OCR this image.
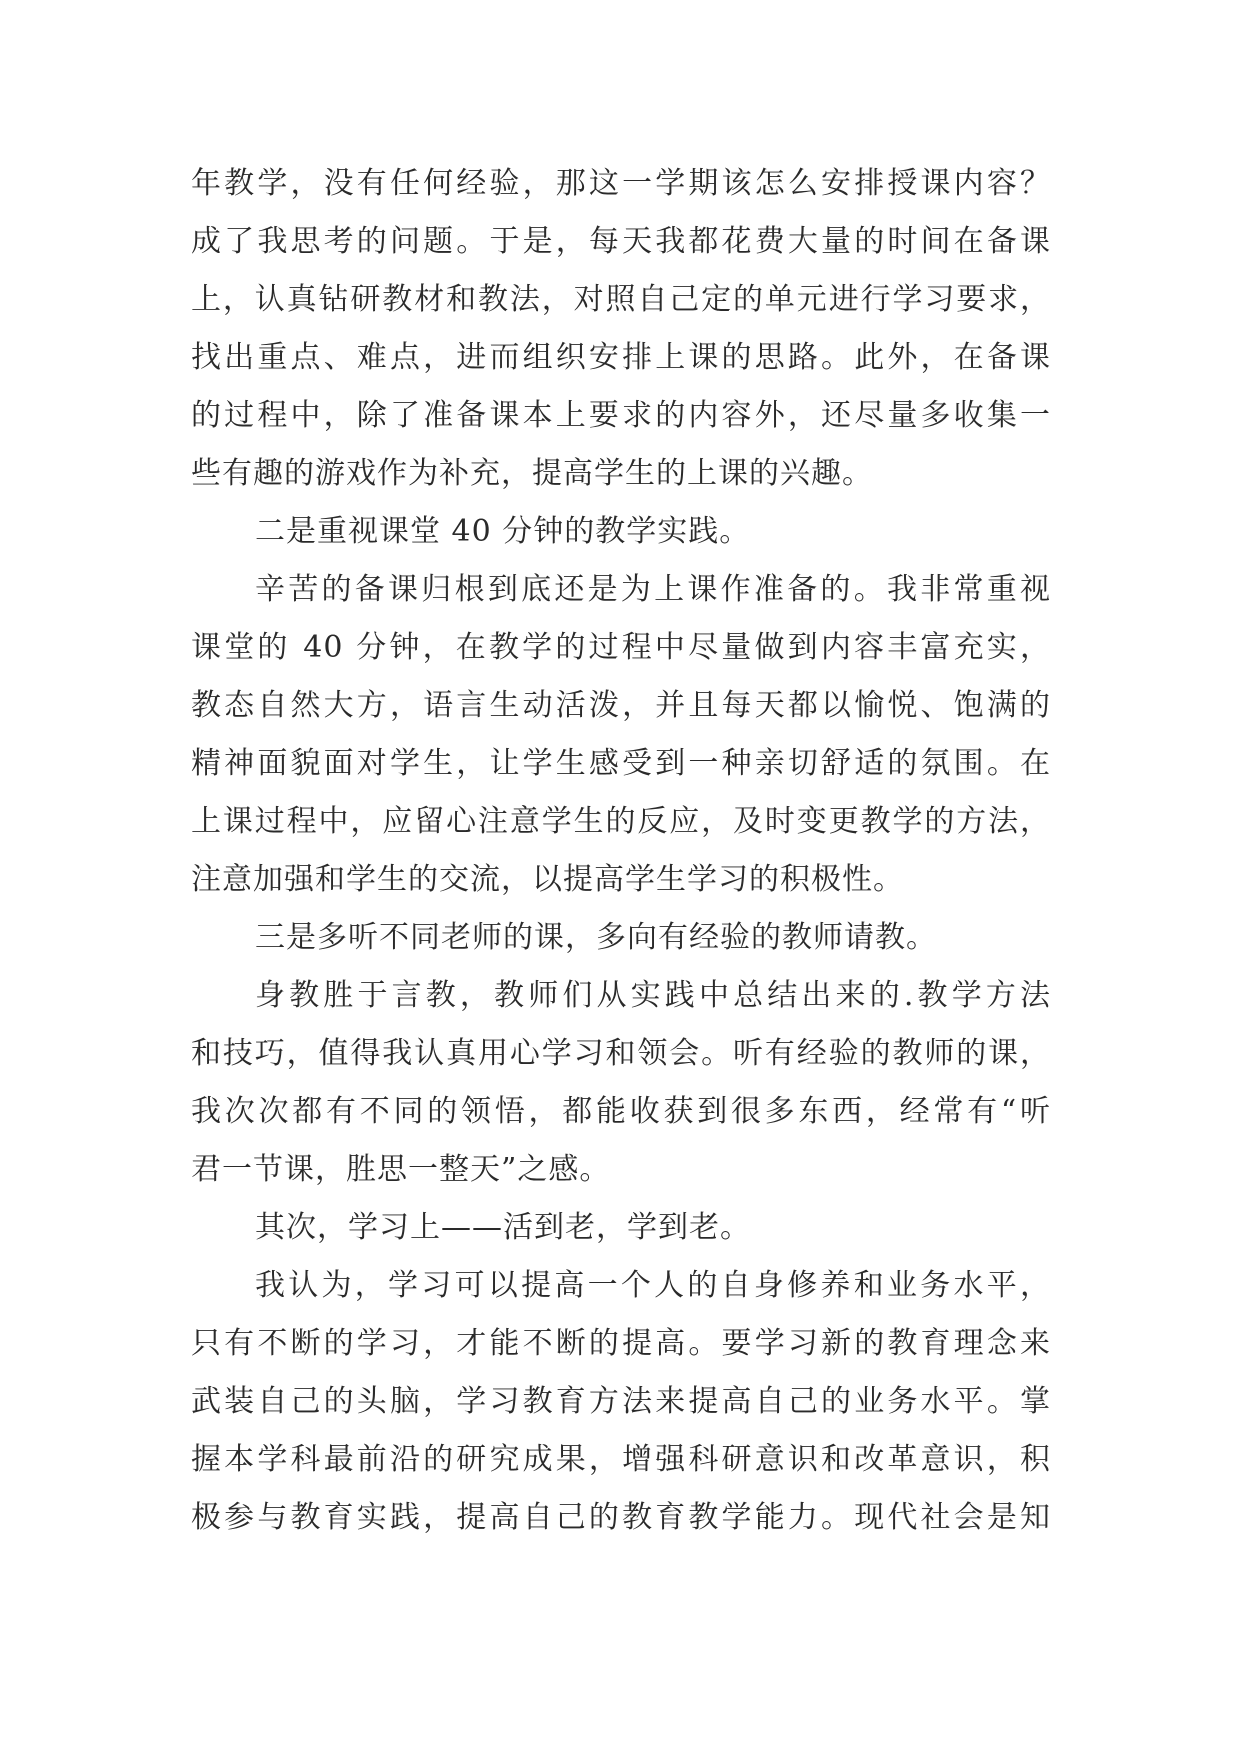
年教学，没有任何经验，那这一学期该怎么安排授课内容？
成了我思考的问题。于是，每天我都花费大量的时间在备课
上，认真钻研教材和教法，对照自己定的单元进行学习要求，
找出重点、难点，进而组织安排上课的思路。此外，在备课
的过程中，除了准备课本上要求的内容外，还尽量多收集一
些有趣的游戏作为补充，提高学生的上课的兴趣。
二是重视课堂 40 分钟的教学实践。
辛苦的备课归根到底还是为上课作准备的。我非常重视
课堂的 40 分钟，在教学的过程中尽量做到内容丰富充实，
教态自然大方，语言生动活泼，并且每天都以愉悦、饱满的
精神面貌面对学生，让学生感受到一种亲切舒适的氛围。在
上课过程中，应留心注意学生的反应，及时变更教学的方法，
注意加强和学生的交流，以提高学生学习的积极性。
三是多听不同老师的课，多向有经验的教师请教。
身教胜于言教，教师们从实践中总结出来的.教学方法
和技巧，值得我认真用心学习和领会。听有经验的教师的课，
我次次都有不同的领悟，都能收获到很多东西，经常有“听
君一节课，胜思一整天”之感。
其次，学习上——活到老，学到老。
我认为，学习可以提高一个人的自身修养和业务水平，
只有不断的学习，才能不断的提高。要学习新的教育理念来
武装自己的头脑，学习教育方法来提高自己的业务水平。掌
握本学科最前沿的研究成果，增强科研意识和改革意识，积
极参与教育实践，提高自己的教育教学能力。现代社会是知
